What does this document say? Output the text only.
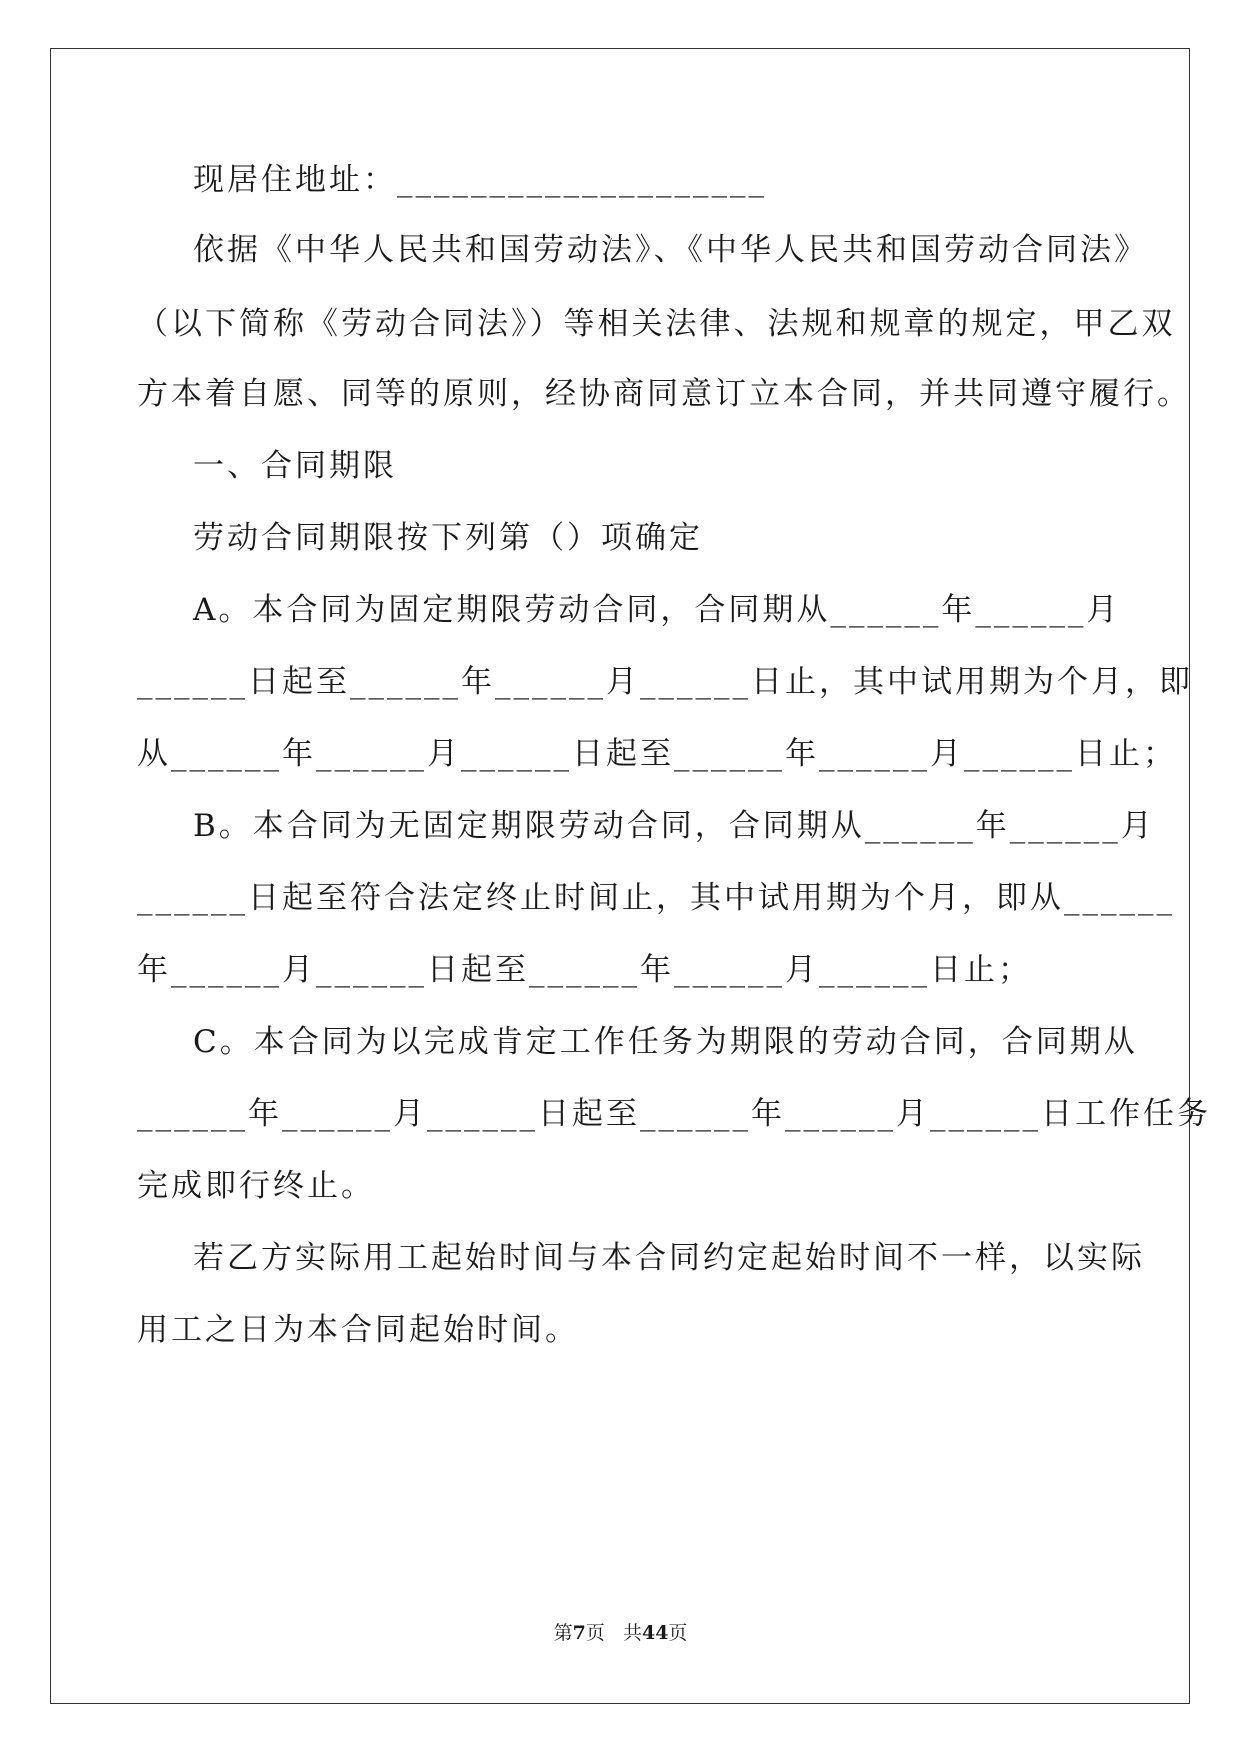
现居住地址：____________________
依据《中华人民共和国劳动法》、《中华人民共和国劳动合同法》
（以下简称《劳动合同法》）等相关法律、法规和规章的规定，甲乙双
方本着自愿、同等的原则，经协商同意订立本合同，并共同遵守履行。
一、合同期限
劳动合同期限按下列第（）项确定
A。本合同为固定期限劳动合同，合同期从______年______月
______日起至______年______月______日止，其中试用期为个月，即
从______年______月______日起至______年______月______日止；
B。本合同为无固定期限劳动合同，合同期从______年______月
______日起至符合法定终止时间止，其中试用期为个月，即从______
年______月______日起至______年______月______日止；
C。本合同为以完成肯定工作任务为期限的劳动合同，合同期从
______年______月______日起至______年______月______日工作任务
完成即行终止。
若乙方实际用工起始时间与本合同约定起始时间不一样，以实际
用工之日为本合同起始时间。
第7页 共44页
